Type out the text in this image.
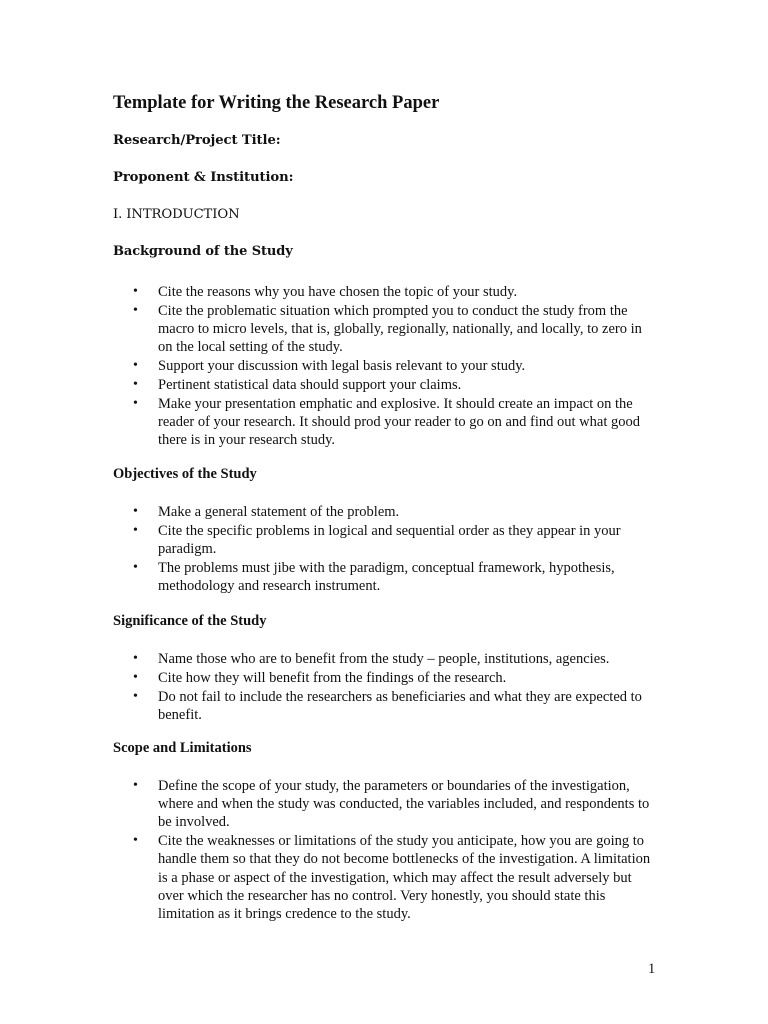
Template for Writing the Research Paper

Research/Project Title:

Proponent & Institution:

I. INTRODUCTION

Background of the Study

• Cite the reasons why you have chosen the topic of your study.
• Cite the problematic situation which prompted you to conduct the study from the macro to micro levels, that is, globally, regionally, nationally, and locally, to zero in on the local setting of the study.
• Support your discussion with legal basis relevant to your study.
• Pertinent statistical data should support your claims.
• Make your presentation emphatic and explosive. It should create an impact on the reader of your research. It should prod your reader to go on and find out what good there is in your research study.

Objectives of the Study

• Make a general statement of the problem.
• Cite the specific problems in logical and sequential order as they appear in your paradigm.
• The problems must jibe with the paradigm, conceptual framework, hypothesis, methodology and research instrument.

Significance of the Study

• Name those who are to benefit from the study – people, institutions, agencies.
• Cite how they will benefit from the findings of the research.
• Do not fail to include the researchers as beneficiaries and what they are expected to benefit.

Scope and Limitations

• Define the scope of your study, the parameters or boundaries of the investigation, where and when the study was conducted, the variables included, and respondents to be involved.
• Cite the weaknesses or limitations of the study you anticipate, how you are going to handle them so that they do not become bottlenecks of the investigation. A limitation is a phase or aspect of the investigation, which may affect the result adversely but over which the researcher has no control. Very honestly, you should state this limitation as it brings credence to the study.
1
